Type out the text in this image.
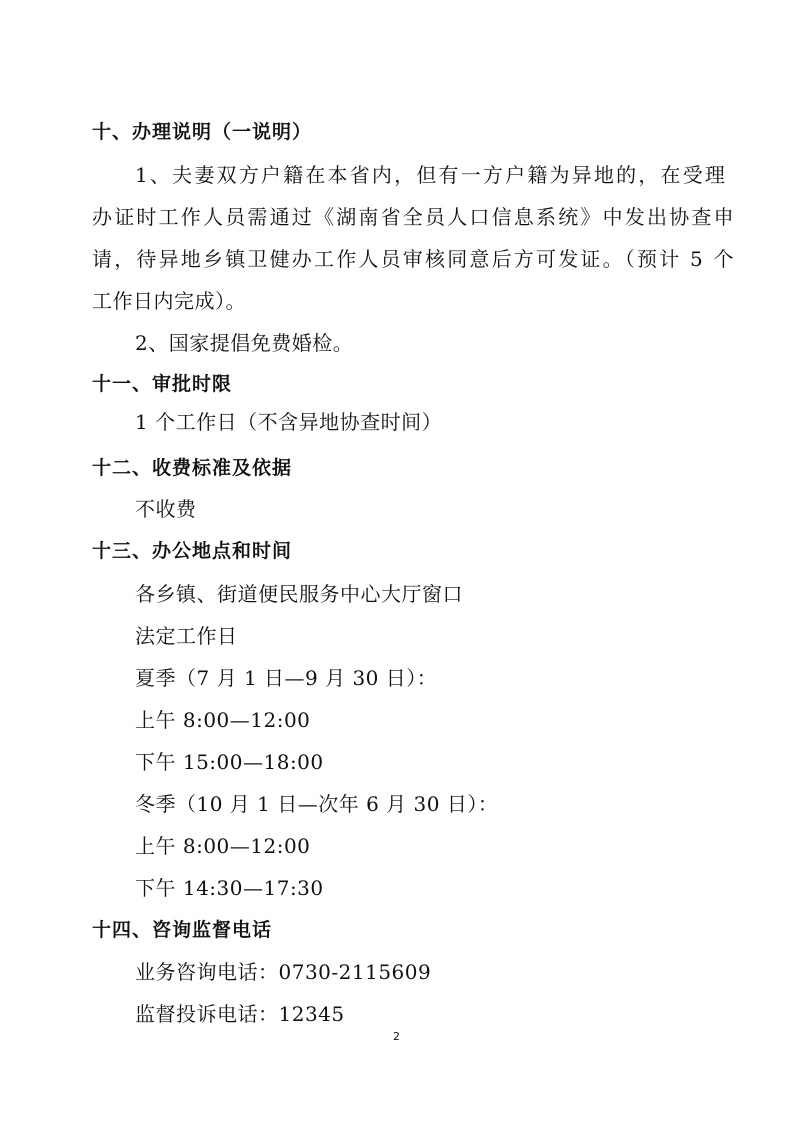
十、办理说明（一说明）
1、夫妻双方户籍在本省内，但有一方户籍为异地的，在受理
办证时工作人员需通过《湖南省全员人口信息系统》中发出协查申
请，待异地乡镇卫健办工作人员审核同意后方可发证。（预计 5 个
工作日内完成）。
2、国家提倡免费婚检。
十一、审批时限
1 个工作日（不含异地协查时间）
十二、收费标准及依据
不收费
十三、办公地点和时间
各乡镇、街道便民服务中心大厅窗口
法定工作日
夏季（7 月 1 日—9 月 30 日）：
上午 8:00—12:00
下午 15:00—18:00
冬季（10 月 1 日—次年 6 月 30 日）：
上午 8:00—12:00
下午 14:30—17:30
十四、咨询监督电话
业务咨询电话：0730-2115609
监督投诉电话：12345
2
